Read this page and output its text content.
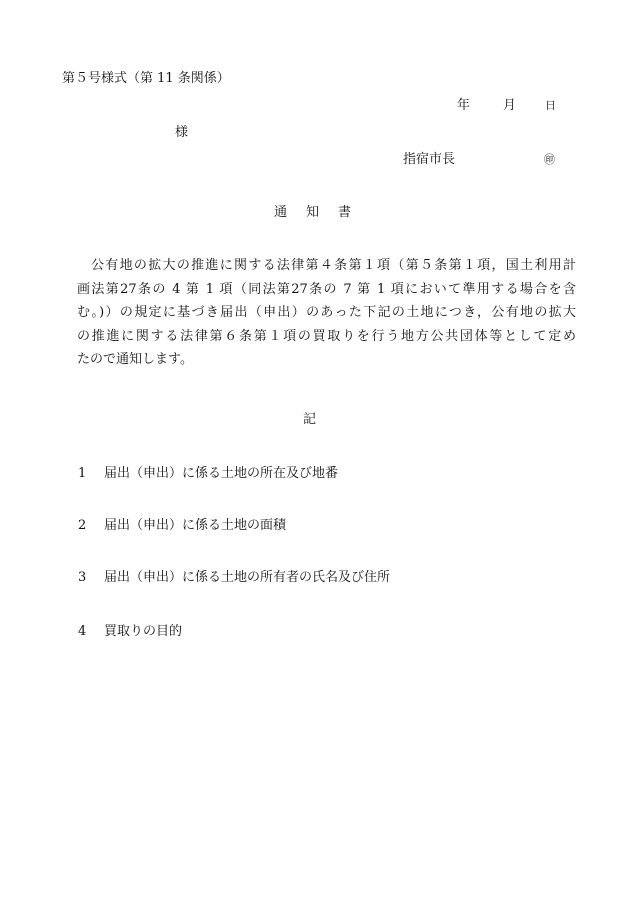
第５号様式（第 11 条関係）
年	月	日
様
指宿市長	㊞
通 知 書
公有地の拡大の推進に関する法律第４条第１項（第５条第１項，国土利用計
画法第27条の 4 第 1 項（同法第27条の 7 第 1 項において準用する場合を含
む。)）の規定に基づき届出（申出）のあった下記の土地につき，公有地の拡大
の推進に関する法律第６条第１項の買取りを行う地方公共団体等として定め
たので通知します。
記
1	届出（申出）に係る土地の所在及び地番
2	届出（申出）に係る土地の面積
3	届出（申出）に係る土地の所有者の氏名及び住所
4	買取りの目的
